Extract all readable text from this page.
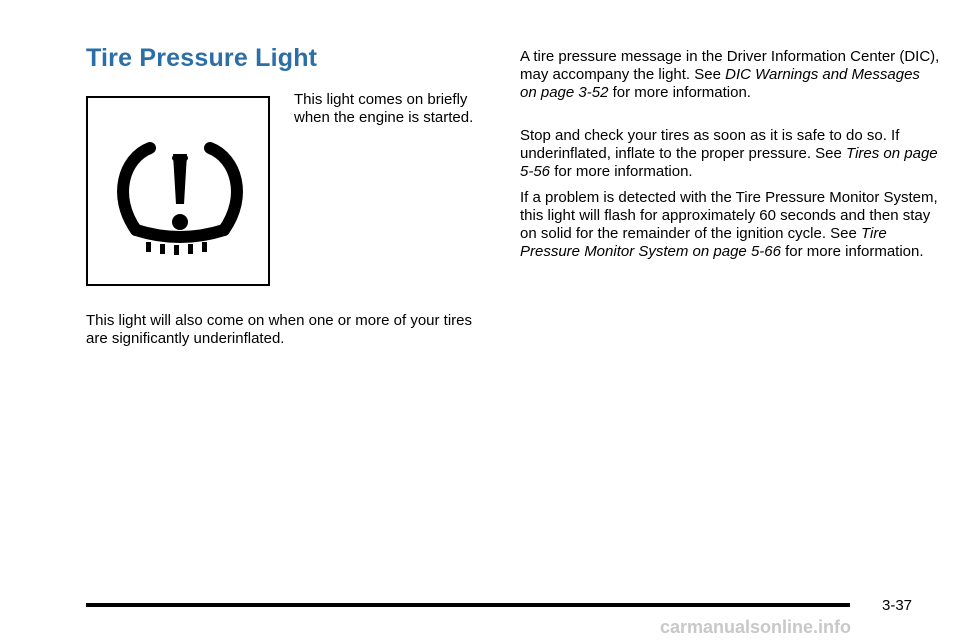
Tire Pressure Light

This light comes on briefly when the engine is started.

This light will also come on when one or more of your tires are significantly underinflated.

A tire pressure message in the Driver Information Center (DIC), may accompany the light. See DIC Warnings and Messages on page 3-52 for more information.

Stop and check your tires as soon as it is safe to do so. If underinflated, inflate to the proper pressure. See Tires on page 5-56 for more information.

If a problem is detected with the Tire Pressure Monitor System, this light will flash for approximately 60 seconds and then stay on solid for the remainder of the ignition cycle. See Tire Pressure Monitor System on page 5-66 for more information.

3-37
carmanualsonline.info
